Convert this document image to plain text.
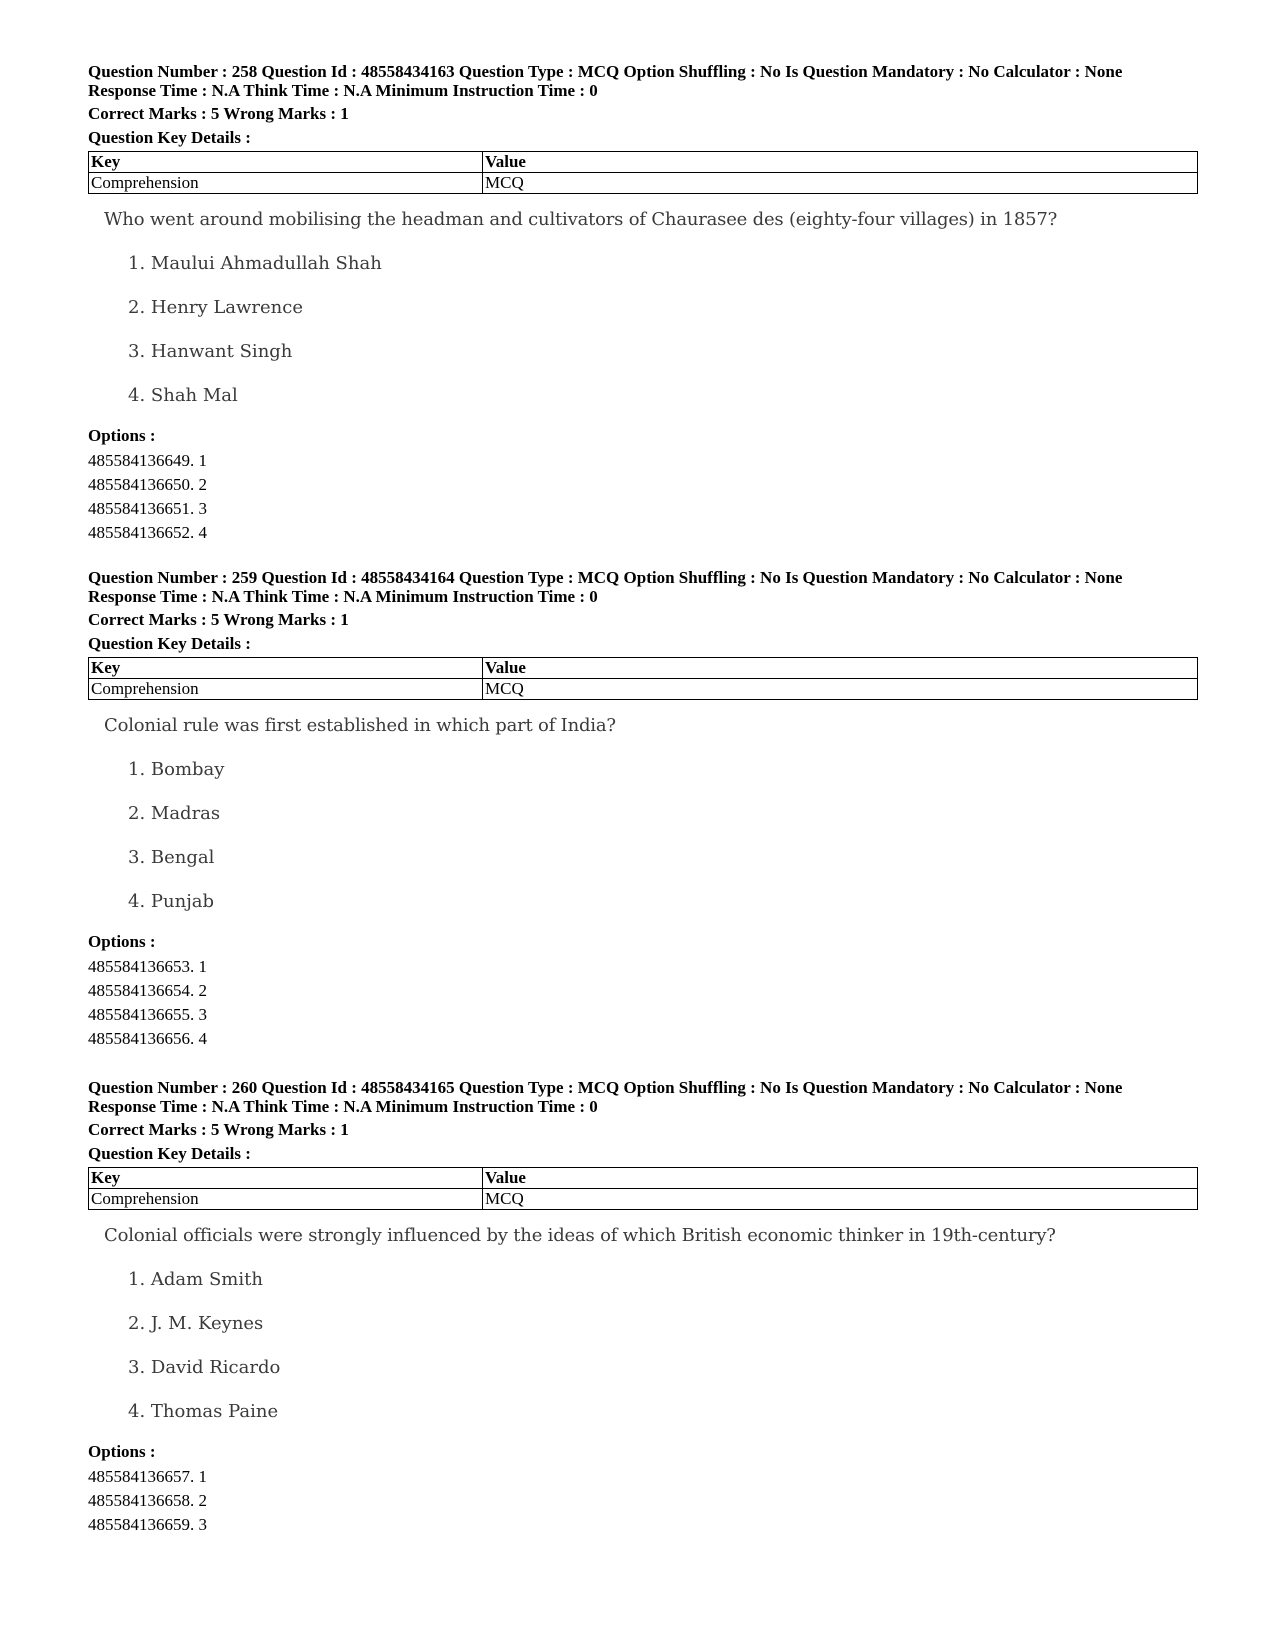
Question Number : 258 Question Id : 48558434163 Question Type : MCQ Option Shuffling : No Is Question Mandatory : No Calculator : None
Response Time : N.A Think Time : N.A Minimum Instruction Time : 0
Correct Marks : 5 Wrong Marks : 1
Question Key Details :
Key	Value
Comprehension	MCQ
Who went around mobilising the headman and cultivators of Chaurasee des (eighty-four villages) in 1857?
1. Maului Ahmadullah Shah
2. Henry Lawrence
3. Hanwant Singh
4. Shah Mal
Options :
485584136649. 1
485584136650. 2
485584136651. 3
485584136652. 4
Question Number : 259 Question Id : 48558434164 Question Type : MCQ Option Shuffling : No Is Question Mandatory : No Calculator : None
Response Time : N.A Think Time : N.A Minimum Instruction Time : 0
Correct Marks : 5 Wrong Marks : 1
Question Key Details :
Key	Value
Comprehension	MCQ
Colonial rule was first established in which part of India?
1. Bombay
2. Madras
3. Bengal
4. Punjab
Options :
485584136653. 1
485584136654. 2
485584136655. 3
485584136656. 4
Question Number : 260 Question Id : 48558434165 Question Type : MCQ Option Shuffling : No Is Question Mandatory : No Calculator : None
Response Time : N.A Think Time : N.A Minimum Instruction Time : 0
Correct Marks : 5 Wrong Marks : 1
Question Key Details :
Key	Value
Comprehension	MCQ
Colonial officials were strongly influenced by the ideas of which British economic thinker in 19th-century?
1. Adam Smith
2. J. M. Keynes
3. David Ricardo
4. Thomas Paine
Options :
485584136657. 1
485584136658. 2
485584136659. 3
